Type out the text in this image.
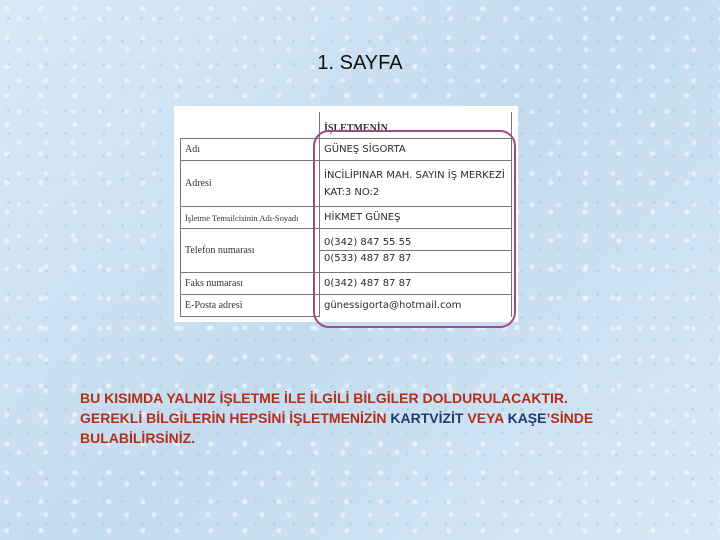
1. SAYFA
	İŞLETMENİN
Adı	GÜNEŞ SİGORTA
Adresi	İNCİLİPINAR MAH. SAYIN İŞ MERKEZİ KAT:3 NO:2
İşletme Temsilcisinin Adı-Soyadı	HİKMET GÜNEŞ
Telefon numarası	0(342) 847 55 55
0(533) 487 87 87

Faks numarası	0(342) 487 87 87
E-Posta adresi	günessigorta@hotmail.com
BU KISIMDA YALNIZ İŞLETME İLE İLGİLİ BİLGİLER DOLDURULACAKTIR.
GEREKLİ BİLGİLERİN HEPSİNİ İŞLETMENİZİN KARTVİZİT VEYA KAŞE’SİNDE
BULABİLİRSİNİZ.
